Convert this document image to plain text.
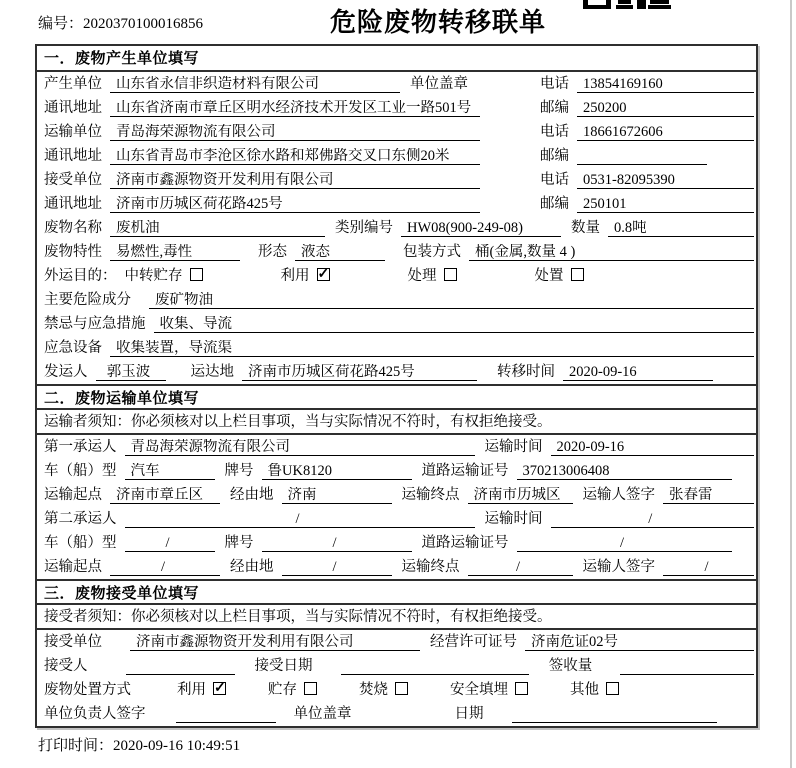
编号：2020370100016856	危险废物转移联单
一．废物产生单位填写
产生单位 山东省永信非织造材料有限公司	单位盖章	电话 13854169160
通讯地址 山东省济南市章丘区明水经济技术开发区工业一路501号	邮编 250200
运输单位 青岛海荣源物流有限公司	电话 18661672606
通讯地址 山东省青岛市李沧区徐水路和郑佛路交叉口东侧20米	邮编
接受单位 济南市鑫源物资开发利用有限公司	电话 0531-82095390
通讯地址 济南市历城区荷花路425号	邮编 250101
废物名称 废机油	类别编号 HW08(900-249-08)	数量 0.8吨
废物特性 易燃性,毒性	形态 液态	包装方式 桶(金属,数量 4 )
外运目的： 中转贮存	利用 ✓	处理	处置
主要危险成分	废矿物油
禁忌与应急措施 收集、导流
应急设备 收集装置，导流渠
发运人	郭玉波	运达地 济南市历城区荷花路425号	转移时间 2020-09-16
二．废物运输单位填写
运输者须知：你必须核对以上栏目事项，当与实际情况不符时，有权拒绝接受。
第一承运人 青岛海荣源物流有限公司	运输时间 2020-09-16
车（船）型 汽车	牌号 鲁UK8120	道路运输证号 370213006408
运输起点 济南市章丘区	经由地 济南	运输终点 济南市历城区	运输人签字 张春雷
第二承运人	/	运输时间	/
车（船）型	/	牌号	/	道路运输证号	/
运输起点	/	经由地	/	运输终点	/	运输人签字	/
三．废物接受单位填写
接受者须知：你必须核对以上栏目事项，当与实际情况不符时，有权拒绝接受。
接受单位	济南市鑫源物资开发利用有限公司	经营许可证号 济南危证02号
接受人	接受日期	签收量
废物处置方式	利用 ✓	贮存	焚烧	安全填埋	其他
单位负责人签字	单位盖章	日期
打印时间：2020-09-16 10:49:51
